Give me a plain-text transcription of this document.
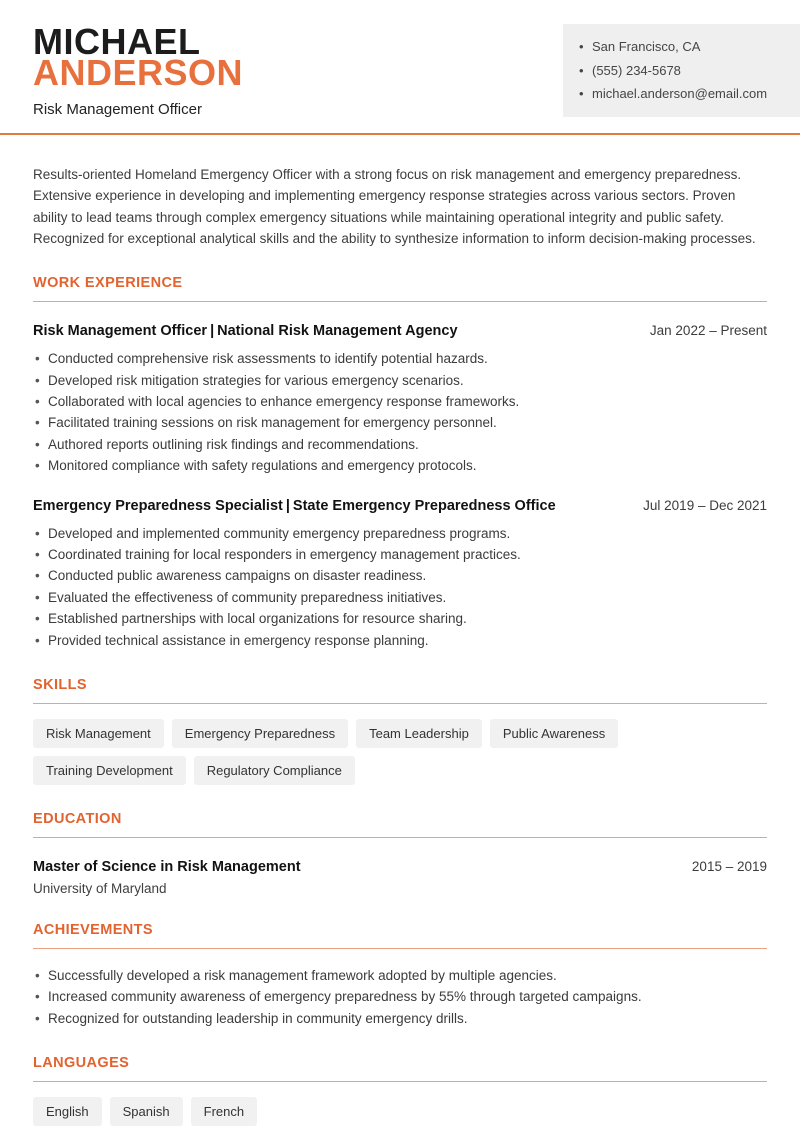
MICHAEL
ANDERSON
Risk Management Officer
• San Francisco, CA
• (555) 234-5678
• michael.anderson@email.com

Results-oriented Homeland Emergency Officer with a strong focus on risk management and emergency preparedness. Extensive experience in developing and implementing emergency response strategies across various sectors. Proven ability to lead teams through complex emergency situations while maintaining operational integrity and public safety. Recognized for exceptional analytical skills and the ability to synthesize information to inform decision-making processes.

WORK EXPERIENCE
Risk Management Officer | National Risk Management Agency	Jan 2022 – Present
• Conducted comprehensive risk assessments to identify potential hazards.
• Developed risk mitigation strategies for various emergency scenarios.
• Collaborated with local agencies to enhance emergency response frameworks.
• Facilitated training sessions on risk management for emergency personnel.
• Authored reports outlining risk findings and recommendations.
• Monitored compliance with safety regulations and emergency protocols.
Emergency Preparedness Specialist | State Emergency Preparedness Office	Jul 2019 – Dec 2021
• Developed and implemented community emergency preparedness programs.
• Coordinated training for local responders in emergency management practices.
• Conducted public awareness campaigns on disaster readiness.
• Evaluated the effectiveness of community preparedness initiatives.
• Established partnerships with local organizations for resource sharing.
• Provided technical assistance in emergency response planning.
SKILLS
Risk Management	Emergency Preparedness	Team Leadership	Public Awareness
Training Development	Regulatory Compliance
EDUCATION
Master of Science in Risk Management	2015 – 2019
University of Maryland
ACHIEVEMENTS
• Successfully developed a risk management framework adopted by multiple agencies.
• Increased community awareness of emergency preparedness by 55% through targeted campaigns.
• Recognized for outstanding leadership in community emergency drills.
LANGUAGES
English	Spanish	French
